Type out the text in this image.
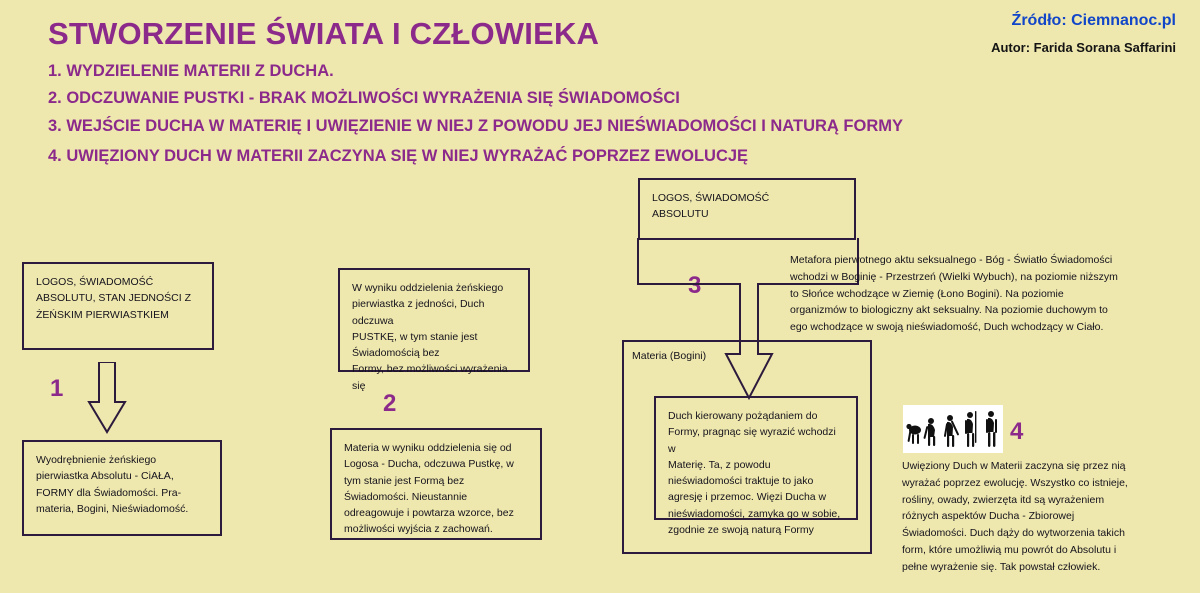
STWORZENIE ŚWIATA I CZŁOWIEKA
1. WYDZIELENIE MATERII Z DUCHA.
2. ODCZUWANIE PUSTKI - BRAK MOŻLIWOŚCI WYRAŻENIA SIĘ ŚWIADOMOŚCI
3. WEJŚCIE DUCHA W MATERIĘ I UWIĘZIENIE W NIEJ Z POWODU JEJ NIEŚWIADOMOŚCI I NATURĄ FORMY
4. UWIĘZIONY DUCH W MATERII ZACZYNA SIĘ W NIEJ WYRAŻAĆ POPRZEZ EWOLUCJĘ
Źródło: Ciemnanoc.pl
Autor: Farida Sorana Saffarini
LOGOS, ŚWIADOMOŚĆ
ABSOLUTU, STAN JEDNOŚCI Z
ŻEŃSKIM PIERWIASTKIEM
1
Wyodrębnienie żeńskiego
pierwiastka Absolutu - CiAŁA,
FORMY dla Świadomości. Pra-
materia, Bogini, Nieświadomość.
W wyniku oddzielenia żeńskiego
pierwiastka z jedności, Duch odczuwa
PUSTKĘ, w tym stanie jest
Świadomością bez
Formy, bez możliwości wyrażenia się
2
Materia w wyniku oddzielenia się od
Logosa - Ducha, odczuwa Pustkę, w
tym stanie jest Formą bez
Świadomości. Nieustannie
odreagowuje i powtarza wzorce, bez
możliwości wyjścia z zachowań.
LOGOS, ŚWIADOMOŚĆ
ABSOLUTU
3
Materia (Bogini)
Duch kierowany pożądaniem do
Formy, pragnąc się wyrazić wchodzi w
Materię. Ta, z powodu
nieświadomości traktuje to jako
agresję i przemoc. Więzi Ducha w
nieświadomości, zamyka go w sobie,
zgodnie ze swoją naturą Formy
Metafora pierwotnego aktu seksualnego - Bóg - Światło Świadomości
wchodzi w Boginię - Przestrzeń (Wielki Wybuch), na poziomie niższym
to Słońce wchodzące w Ziemię (Łono Bogini). Na poziomie
organizmów to biologiczny akt seksualny. Na poziomie duchowym to
ego wchodzące w swoją nieświadomość, Duch wchodzący w Ciało.
4
Uwięziony Duch w Materii zaczyna się przez nią
wyrażać poprzez ewolucję. Wszystko co istnieje,
rośliny, owady, zwierzęta itd są wyrażeniem
różnych aspektów Ducha - Zbiorowej
Świadomości. Duch dąży do wytworzenia takich
form, które umożliwią mu powrót do Absolutu i
pełne wyrażenie się. Tak powstał człowiek.
